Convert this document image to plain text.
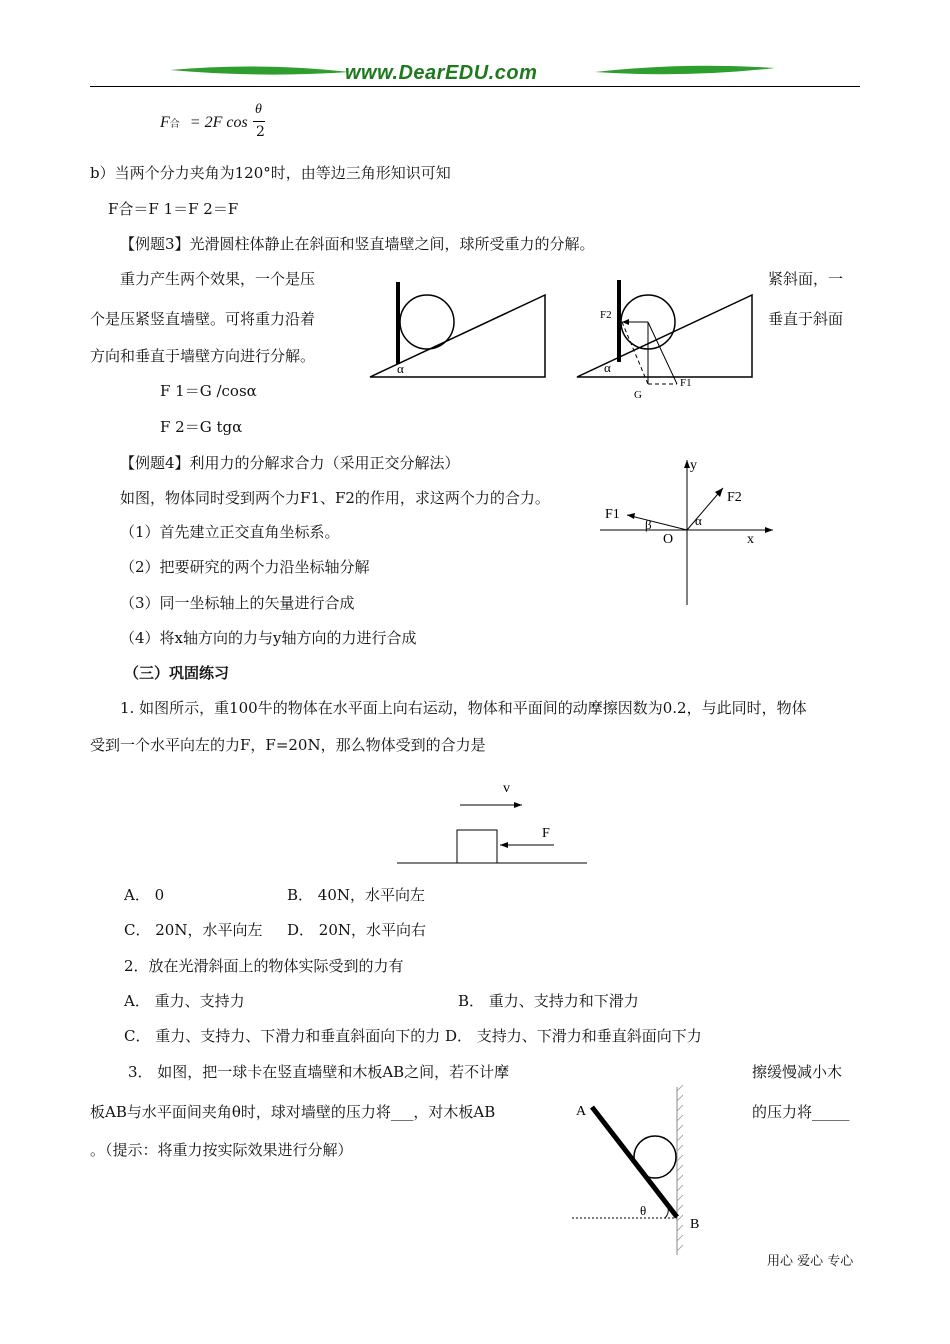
www.DearEDU.com
F合 = 2F cos
θ
2
b）当两个分力夹角为120°时，由等边三角形知识可知
F合＝F 1＝F 2＝F
【例题3】光滑圆柱体静止在斜面和竖直墙壁之间，球所受重力的分解。
重力产生两个效果，一个是压	紧斜面，一
个是压紧竖直墙壁。可将重力沿着	垂直于斜面
方向和垂直于墙壁方向进行分解。
F 1＝G /cosα
F 2＝G tgα
α
F2
F1
G
α
【例题4】利用力的分解求合力（采用正交分解法）
如图，物体同时受到两个力F1、F2的作用，求这两个力的合力。
（1）首先建立正交直角坐标系。
（2）把要研究的两个力沿坐标轴分解
（3）同一坐标轴上的矢量进行合成
（4）将x轴方向的力与y轴方向的力进行合成
y
x
O
F1
F2
α
β
（三）巩固练习
1. 如图所示，重100牛的物体在水平面上向右运动，物体和平面间的动摩擦因数为0.2，与此同时，物体
受到一个水平向左的力F，F=20N，那么物体受到的合力是
v
F
A． 0	B． 40N，水平向左
C． 20N，水平向左 D． 20N，水平向右
2．放在光滑斜面上的物体实际受到的力有
A． 重力、支持力	B． 重力、支持力和下滑力
C． 重力、支持力、下滑力和垂直斜面向下的力 D． 支持力、下滑力和垂直斜面向下力
3． 如图，把一球卡在竖直墙壁和木板AB之间，若不计摩	擦缓慢减小木
板AB与水平面间夹角θ时，球对墙壁的压力将___，对木板AB	的压力将_____
。（提示：将重力按实际效果进行分解）
A
B
θ
用心 爱心 专心
